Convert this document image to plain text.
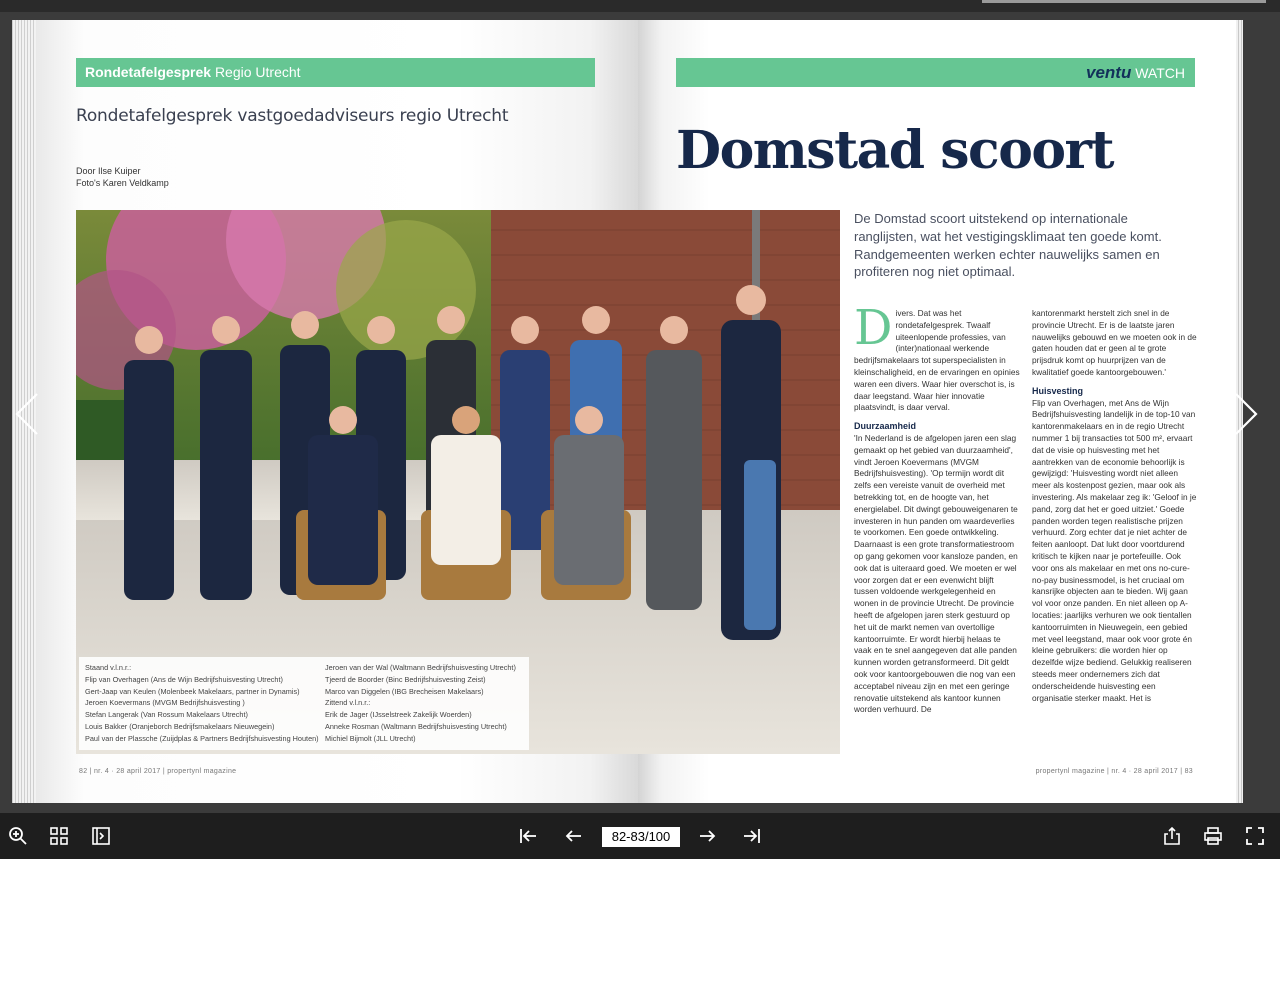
Rondetafelgesprek Regio Utrecht
Rondetafelgesprek vastgoedadviseurs regio Utrecht
Door Ilse Kuiper
Foto's Karen Veldkamp
82 | nr. 4 · 28 april 2017 | propertynl magazine
ventu WATCH
Domstad scoort
De Domstad scoort uitstekend op internationale ranglijsten, wat het vestigingsklimaat ten goede komt. Randgemeenten werken echter nauwelijks samen en profiteren nog niet optimaal.
D ivers. Dat was het rondetafelgesprek. Twaalf uiteenlopende professies, van (inter)nationaal werkende bedrijfsmakelaars tot superspecialisten in kleinschaligheid, en de ervaringen en opinies waren een divers. Waar hier overschot is, is daar leegstand. Waar hier innovatie plaatsvindt, is daar verval.

Duurzaamheid

'In Nederland is de afgelopen jaren een slag gemaakt op het gebied van duurzaamheid', vindt Jeroen Koevermans (MVGM Bedrijfshuisvesting). 'Op termijn wordt dit zelfs een vereiste vanuit de overheid met betrekking tot, en de hoogte van, het energielabel. Dit dwingt gebouweigenaren te investeren in hun panden om waardeverlies te voorkomen. Een goede ontwikkeling. Daarnaast is een grote transformatiestroom op gang gekomen voor kansloze panden, en ook dat is uiteraard goed. We moeten er wel voor zorgen dat er een evenwicht blijft tussen voldoende werkgelegenheid en wonen in de provincie Utrecht. De provincie heeft de afgelopen jaren sterk gestuurd op het uit de markt nemen van overtollige kantoorruimte. Er wordt hierbij helaas te vaak en te snel aangegeven dat alle panden kunnen worden getransformeerd. Dit geldt ook voor kantoorgebouwen die nog van een acceptabel niveau zijn en met een geringe renovatie uitstekend als kantoor kunnen worden verhuurd. De

kantorenmarkt herstelt zich snel in de provincie Utrecht. Er is de laatste jaren nauwelijks gebouwd en we moeten ook in de gaten houden dat er geen al te grote prijsdruk komt op huurprijzen van de kwalitatief goede kantoorgebouwen.'

Huisvesting

Flip van Overhagen, met Ans de Wijn Bedrijfshuisvesting landelijk in de top-10 van kantorenmakelaars en in de regio Utrecht nummer 1 bij transacties tot 500 m², ervaart dat de visie op huisvesting met het aantrekken van de economie behoorlijk is gewijzigd: 'Huisvesting wordt niet alleen meer als kostenpost gezien, maar ook als investering. Als makelaar zeg ik: 'Geloof in je pand, zorg dat het er goed uitziet.' Goede panden worden tegen realistische prijzen verhuurd. Zorg echter dat je niet achter de feiten aanloopt. Dat lukt door voortdurend kritisch te kijken naar je portefeuille. Ook voor ons als makelaar en met ons no-cure-no-pay businessmodel, is het cruciaal om kansrijke objecten aan te bieden. Wij gaan vol voor onze panden. En niet alleen op A-locaties: jaarlijks verhuren we ook tientallen kantoorruimten in Nieuwegein, een gebied met veel leegstand, maar ook voor grote én kleine gebruikers: die worden hier op dezelfde wijze bediend. Gelukkig realiseren steeds meer ondernemers zich dat onderscheidende huisvesting een organisatie sterker maakt. Het is

propertynl magazine | nr. 4 · 28 april 2017 | 83
Staand v.l.n.r.:
Flip van Overhagen (Ans de Wijn Bedrijfshuisvesting Utrecht)
Gert-Jaap van Keulen (Molenbeek Makelaars, partner in Dynamis)
Jeroen Koevermans (MVGM Bedrijfshuisvesting )
Stefan Langerak (Van Rossum Makelaars Utrecht)
Louis Bakker (Oranjeborch Bedrijfsmakelaars Nieuwegein)
Paul van der Plassche (Zuijdplas & Partners Bedrijfshuisvesting Houten)
Jeroen van der Wal (Waltmann Bedrijfshuisvesting Utrecht)
Tjeerd de Boorder (Binc Bedrijfshuisvesting Zeist)
Marco van Diggelen (IBG Brecheisen Makelaars)
Zittend v.l.n.r.:
Erik de Jager (IJsselstreek Zakelijk Woerden)
Anneke Rosman (Waltmann Bedrijfshuisvesting Utrecht)
Michiel Bijmolt (JLL Utrecht)
82-83/100
